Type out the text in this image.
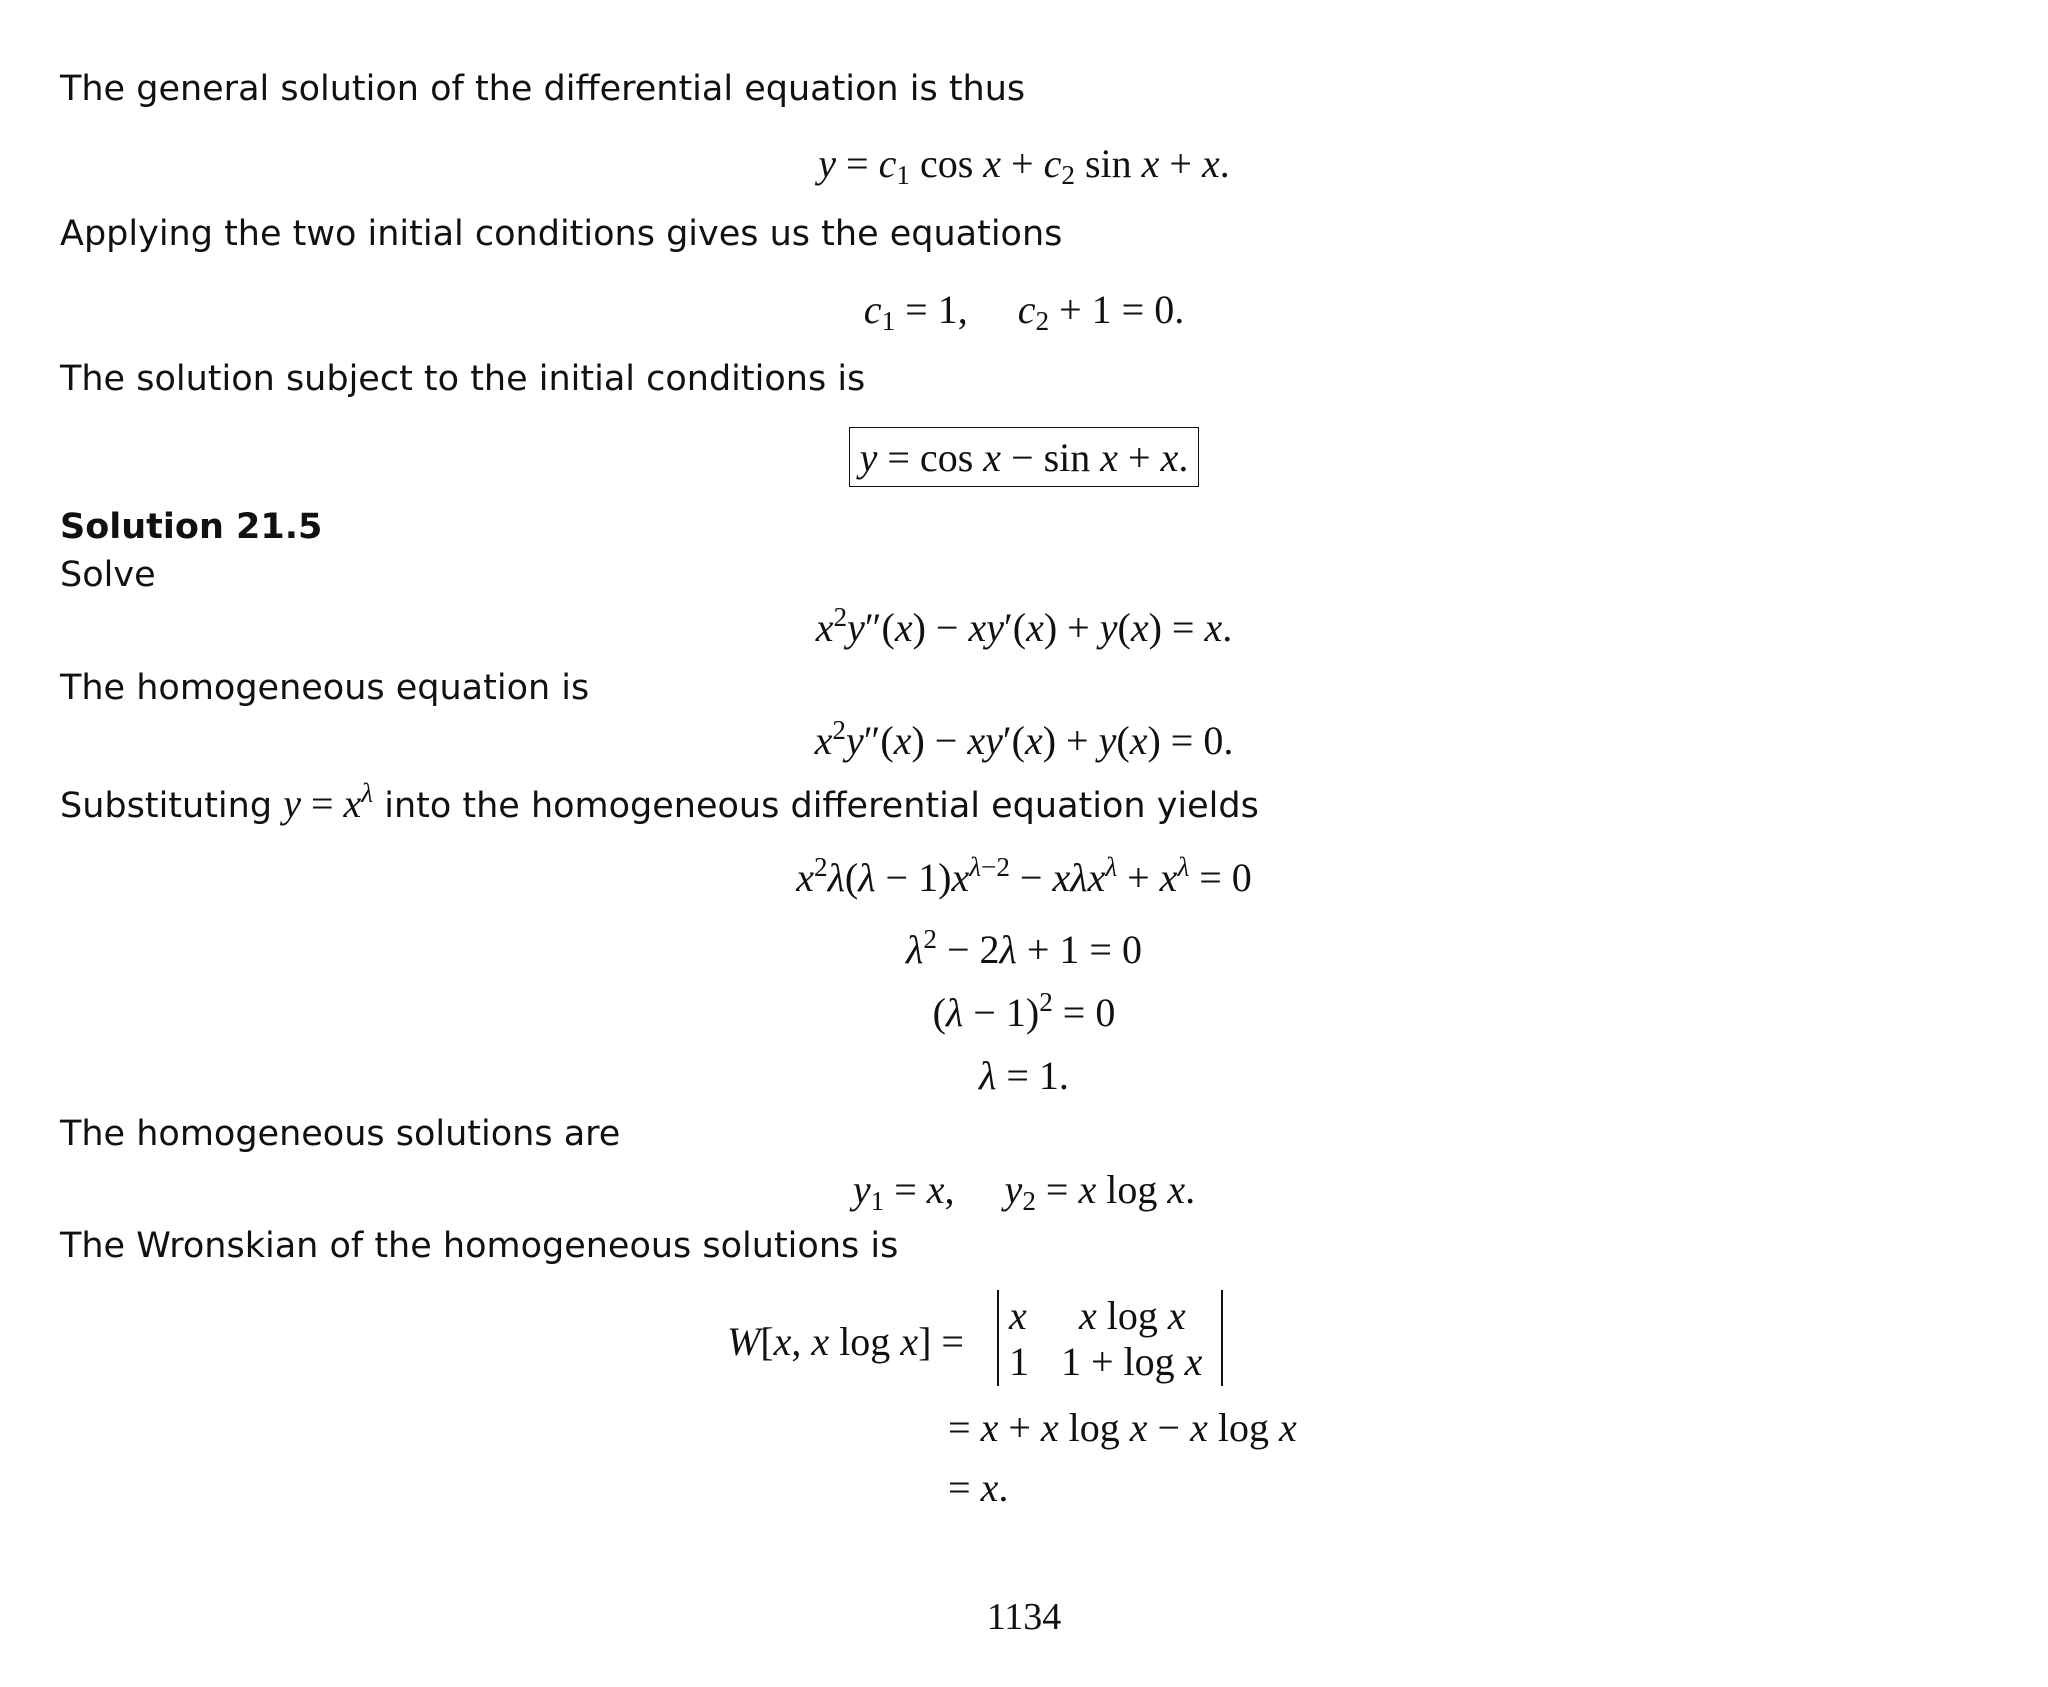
The general solution of the differential equation is thus
$y = c_1$ $\cos x + c_2$ sin x + x.
Applying the two initial conditions gives us the equations
$c_1 = 1$,     $c_2 + 1 = 0$.
The solution subject to the initial conditions is
y = cos x − sin x + x.
Solution 21.5
Solve
$x^2y''(x) - xy'(x) + y(x) = x$.
The homogeneous equation is
$x^2y''(x) - xy'(x) + y(x) = 0$.
Substituting $y = x^\lambda$ into the homogeneous differential equation yields
$x^2\lambda(\lambda - 1)x^{\lambda-2} - x\lambda x^\lambda + x^\lambda = 0$
$\lambda^2 - 2\lambda + 1 = 0$
$(\lambda - 1)^2 = 0$
λ = 1.
The homogeneous solutions are
$y_1 = x$,     $y_2 = x$ log x.
The Wronskian of the homogeneous solutions is
W[x, x log x] =
x x log x
1 1 + log x
= x + x log x − x log x
= x.
1134
